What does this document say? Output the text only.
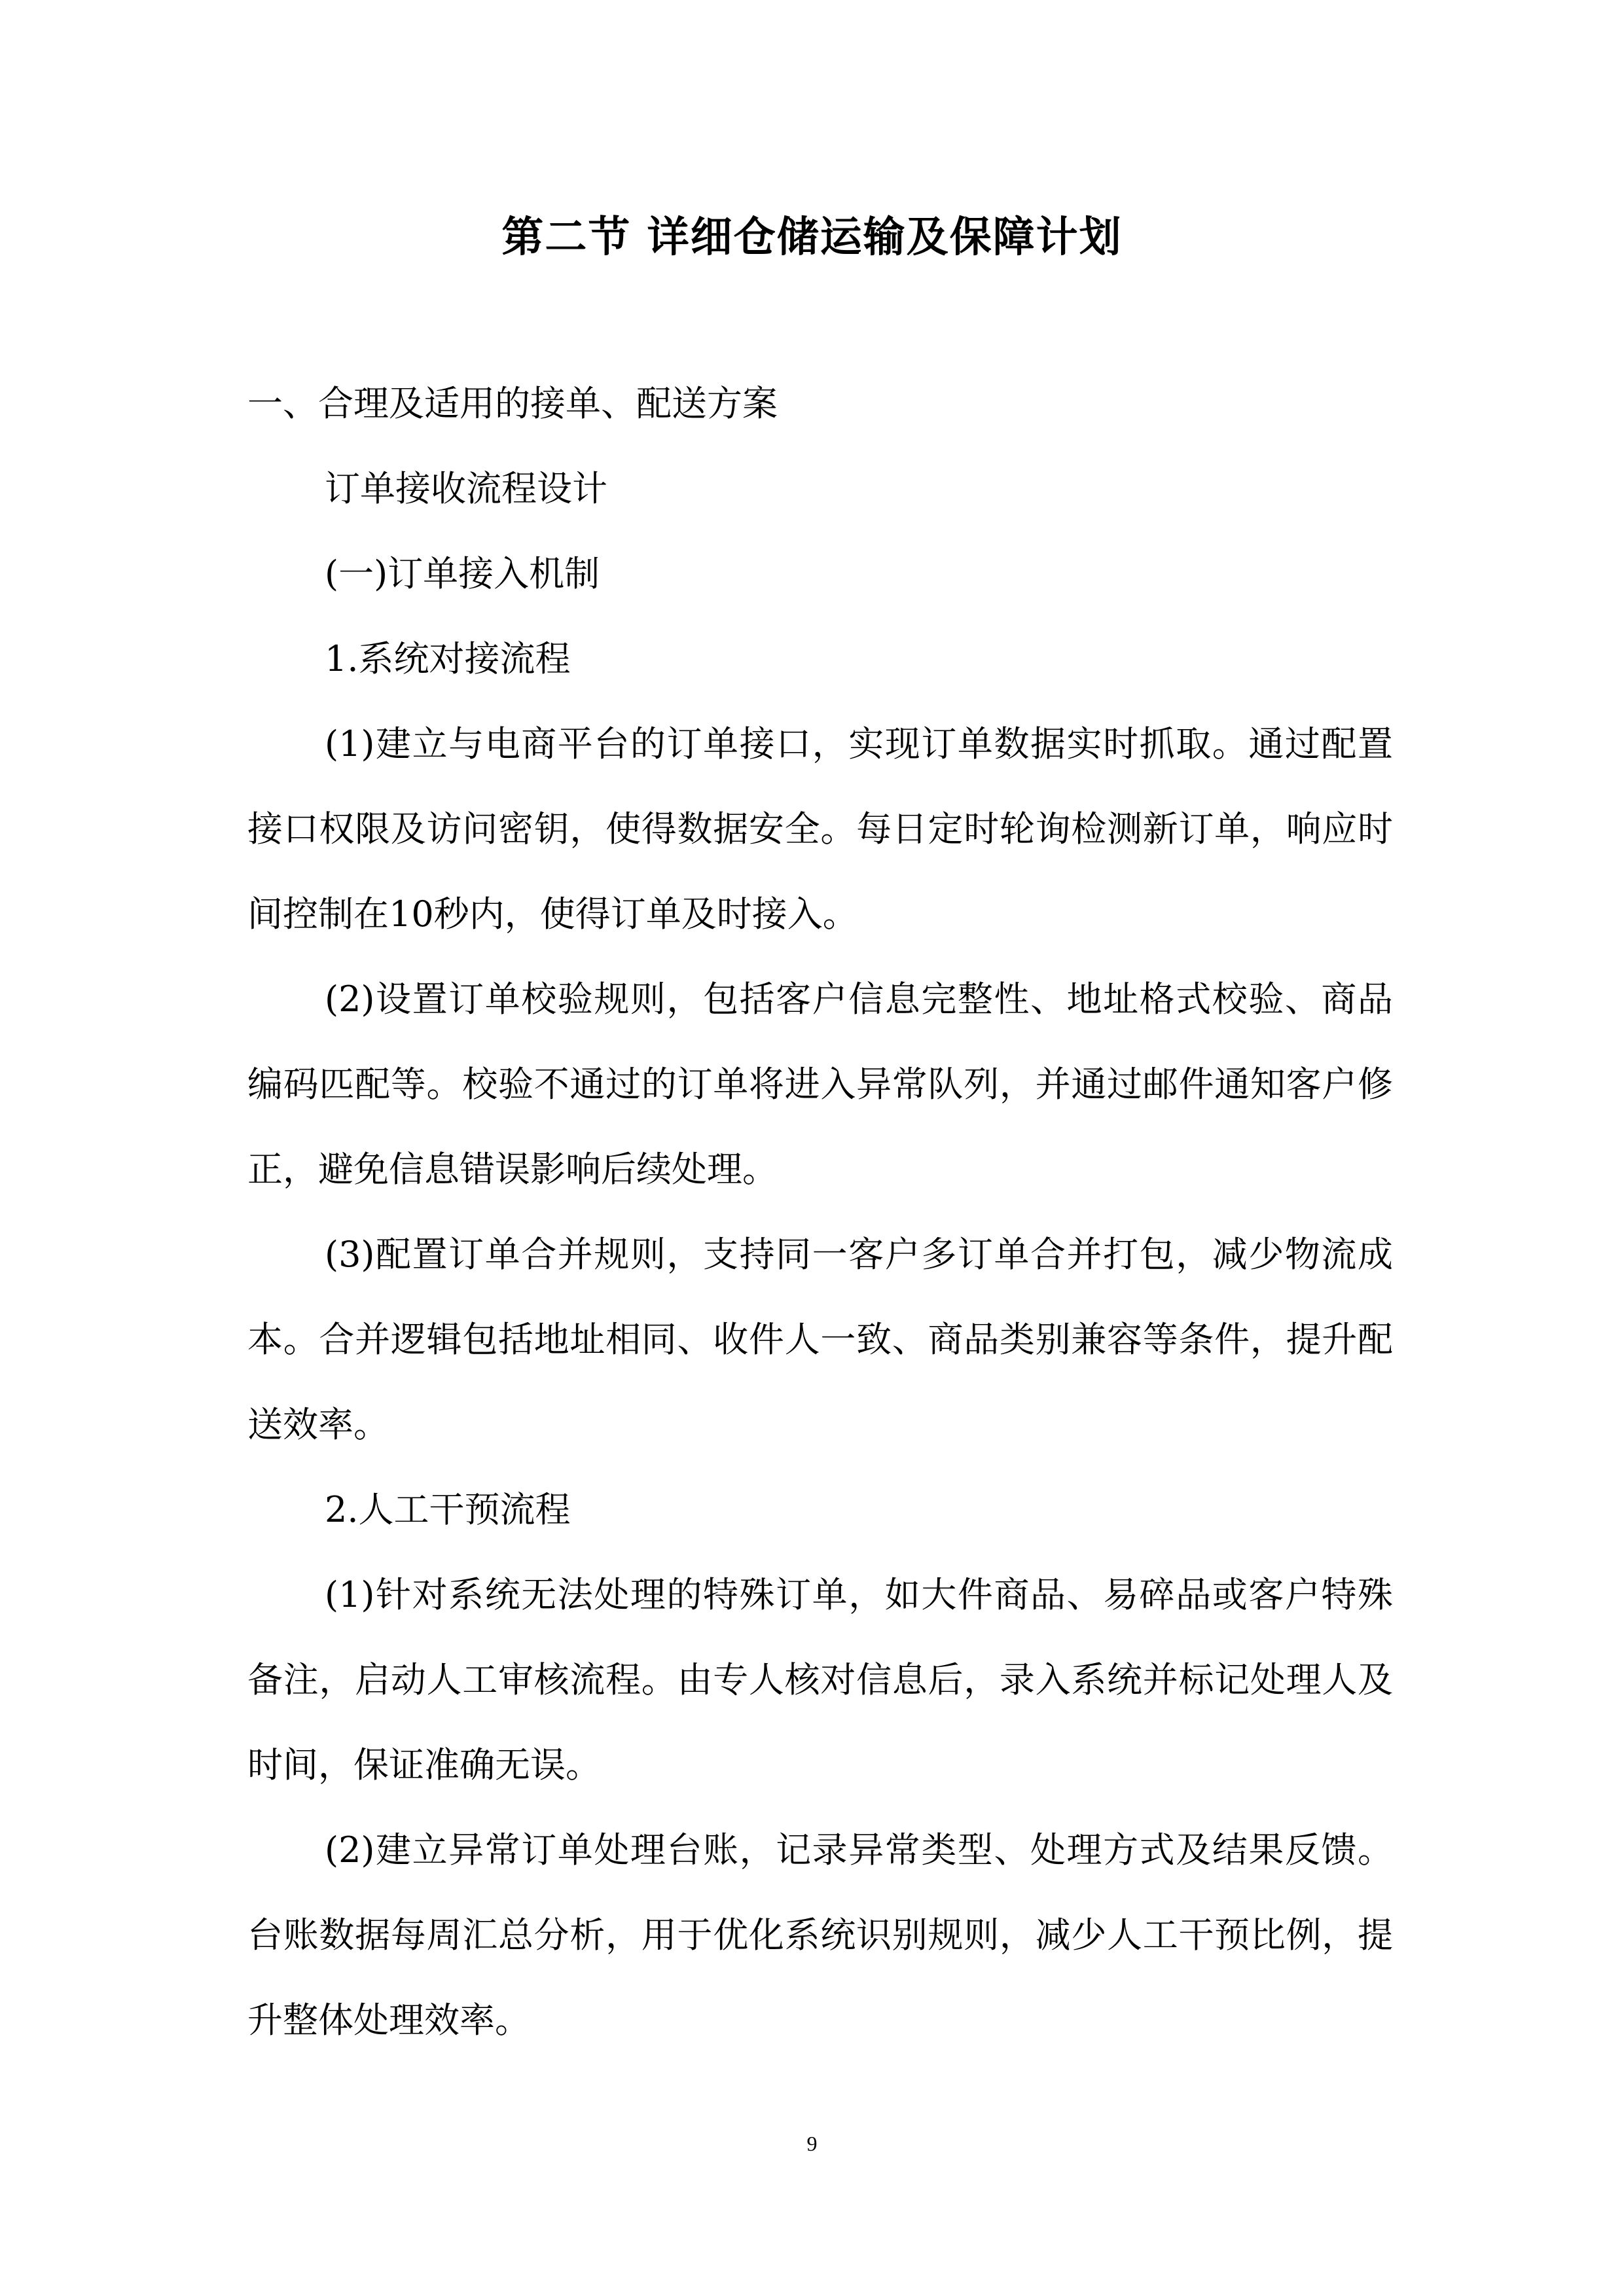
第二节 详细仓储运输及保障计划

一、合理及适用的接单、配送方案

订单接收流程设计

(一)订单接入机制

1.系统对接流程

(1)建立与电商平台的订单接口，实现订单数据实时抓取。通过配置接口权限及访问密钥，使得数据安全。每日定时轮询检测新订单，响应时间控制在10秒内，使得订单及时接入。

(2)设置订单校验规则，包括客户信息完整性、地址格式校验、商品编码匹配等。校验不通过的订单将进入异常队列，并通过邮件通知客户修正，避免信息错误影响后续处理。

(3)配置订单合并规则，支持同一客户多订单合并打包，减少物流成本。合并逻辑包括地址相同、收件人一致、商品类别兼容等条件，提升配送效率。

2.人工干预流程

(1)针对系统无法处理的特殊订单，如大件商品、易碎品或客户特殊备注，启动人工审核流程。由专人核对信息后，录入系统并标记处理人及时间，保证准确无误。

(2)建立异常订单处理台账，记录异常类型、处理方式及结果反馈。台账数据每周汇总分析，用于优化系统识别规则，减少人工干预比例，提升整体处理效率。

9
